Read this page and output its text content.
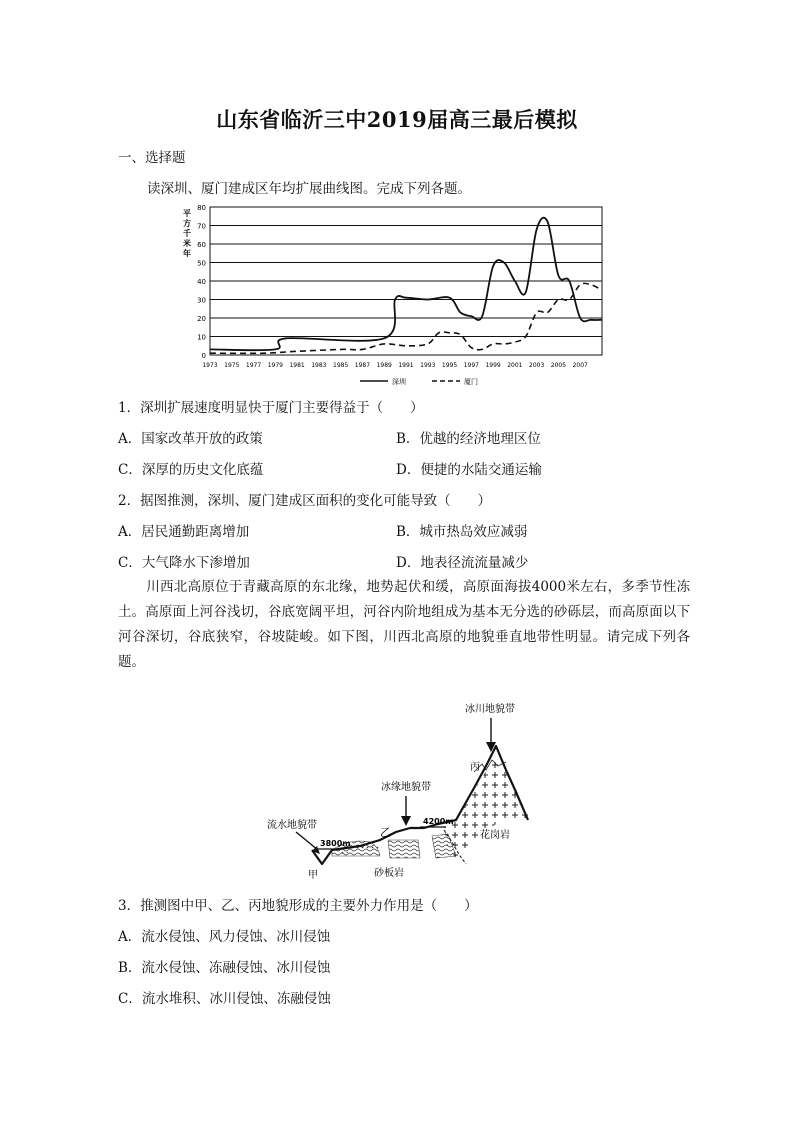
山东省临沂三中2019届高三最后模拟
一、选择题
读深圳、厦门建成区年均扩展曲线图。完成下列各题。
平
方
千
米
年
0
10
20
30
40
50
60
70
80
1973 1975 1977 1979 1981 1983 1985 1987 1989 1991 1993 1995 1997 1999 2001 2003 2005 2007
深圳	厦门
1．深圳扩展速度明显快于厦门主要得益于（　　）
A．国家改革开放的政策	B．优越的经济地理区位
C．深厚的历史文化底蕴	D．便捷的水陆交通运输
2．据图推测，深圳、厦门建成区面积的变化可能导致（　　）
A．居民通勤距离增加	B．城市热岛效应减弱
C．大气降水下渗增加	D．地表径流流量减少
川西北高原位于青藏高原的东北缘，地势起伏和缓，高原面海拔4000米左右，多季节性冻土。高原面上河谷浅切，谷底宽阔平坦，河谷内阶地组成为基本无分选的砂砾层，而高原面以下河谷深切，谷底狭窄，谷坡陡峻。如下图，川西北高原的地貌垂直地带性明显。请完成下列各题。
冰川地貌带
冰缘地貌带
流水地貌带
丙
乙
甲
3800m
4200m
花岗岩
砂板岩
3．推测图中甲、乙、丙地貌形成的主要外力作用是（　　）
A．流水侵蚀、风力侵蚀、冰川侵蚀
B．流水侵蚀、冻融侵蚀、冰川侵蚀
C．流水堆积、冰川侵蚀、冻融侵蚀
